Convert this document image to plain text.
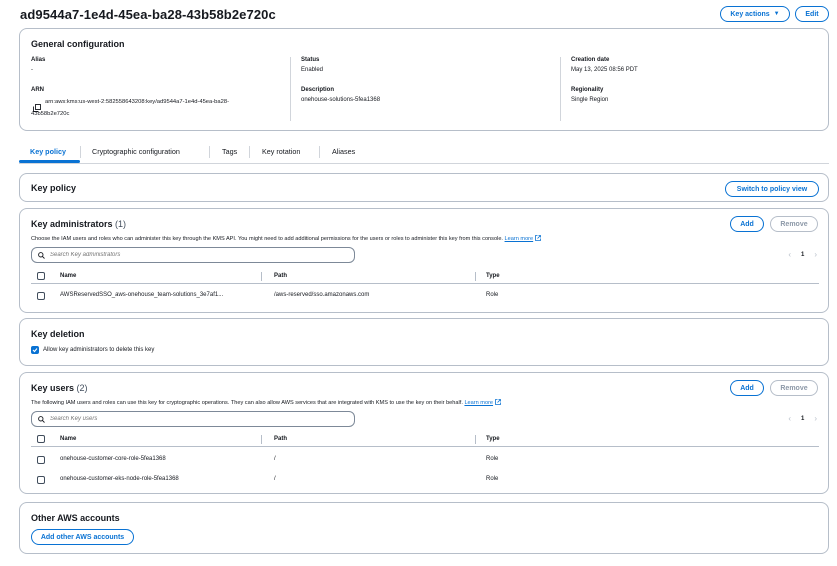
ad9544a7-1e4d-45ea-ba28-43b58b2e720c	Key actions ▼	Edit
General configuration
Alias
-
ARN
arn:aws:kms:us-west-2:582558643208:key/ad9544a7-1e4d-45ea-ba28-
43b58b2e720c
Status
Enabled
Description
onehouse-solutions-5fea1368
Creation date
May 13, 2025 08:56 PDT
Regionality
Single Region
Key policy	Cryptographic configuration	Tags	Key rotation	Aliases
Key policy	Switch to policy view
Key administrators (1)	Add	Remove
Choose the IAM users and roles who can administer this key through the KMS API. You might need to add additional permissions for the users or roles to administer this key from this console. Learn more
Search Key administrators
‹ 1 ›
Name	Path	Type
AWSReservedSSO_aws-onehouse_team-solutions_3e7af1...	/aws-reserved/sso.amazonaws.com	Role
Key deletion
Allow key administrators to delete this key
Key users (2)	Add	Remove
The following IAM users and roles can use this key for cryptographic operations. They can also allow AWS services that are integrated with KMS to use the key on their behalf. Learn more
Search Key users
‹ 1 ›
Name	Path	Type
onehouse-customer-core-role-5fea1368	/	Role
onehouse-customer-eks-node-role-5fea1368	/	Role
Other AWS accounts
Add other AWS accounts
